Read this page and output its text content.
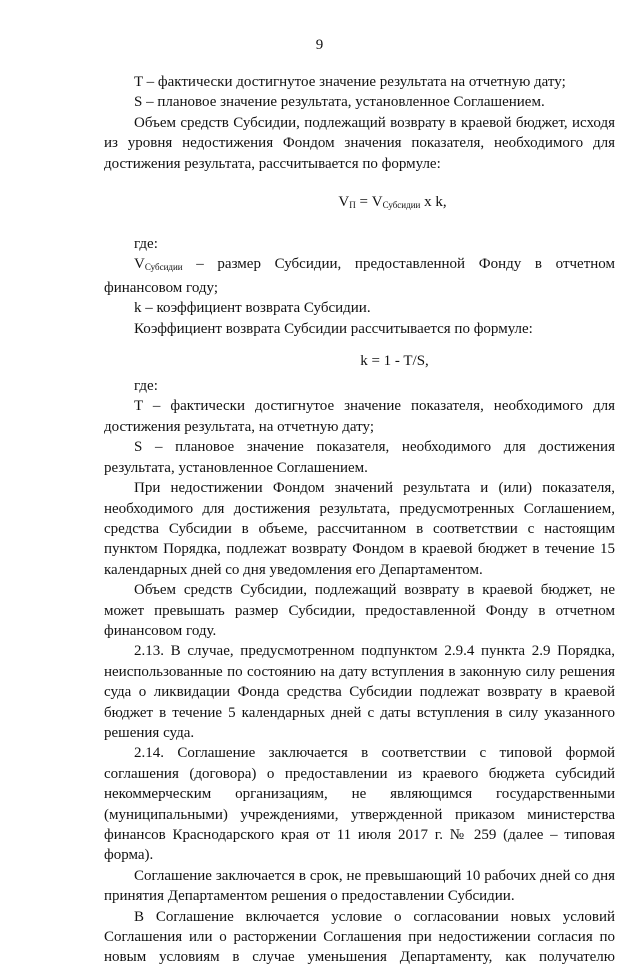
9

T – фактически достигнутое значение результата на отчетную дату;

S – плановое значение результата, установленное Соглашением.

Объем средств Субсидии, подлежащий возврату в краевой бюджет, исходя из уровня недостижения Фондом значения показателя, необходимого для достижения результата, рассчитывается по формуле:

$V_П = V_{Субсидии}$ x k,

где:

$V_{Субсидии}$ – размер Субсидии, предоставленной Фонду в отчетном финансовом году;

k – коэффициент возврата Субсидии.

Коэффициент возврата Субсидии рассчитывается по формуле:

k = 1 - T/S,

где:

T – фактически достигнутое значение показателя, необходимого для достижения результата, на отчетную дату;

S – плановое значение показателя, необходимого для достижения результата, установленное Соглашением.

При недостижении Фондом значений результата и (или) показателя, необходимого для достижения результата, предусмотренных Соглашением, средства Субсидии в объеме, рассчитанном в соответствии с настоящим пунктом Порядка, подлежат возврату Фондом в краевой бюджет в течение 15 календарных дней со дня уведомления его Департаментом.

Объем средств Субсидии, подлежащий возврату в краевой бюджет, не может превышать размер Субсидии, предоставленной Фонду в отчетном финансовом году.

2.13. В случае, предусмотренном подпунктом 2.9.4 пункта 2.9 Порядка, неиспользованные по состоянию на дату вступления в законную силу решения суда о ликвидации Фонда средства Субсидии подлежат возврату в краевой бюджет в течение 5 календарных дней с даты вступления в силу указанного решения суда.

2.14. Соглашение заключается в соответствии с типовой формой соглашения (договора) о предоставлении из краевого бюджета субсидий некоммерческим организациям, не являющимся государственными (муниципальными) учреждениями, утвержденной приказом министерства финансов Краснодарского края от 11 июля 2017 г. № 259 (далее – типовая форма).

Соглашение заключается в срок, не превышающий 10 рабочих дней со дня принятия Департаментом решения о предоставлении Субсидии.

В Соглашение включается условие о согласовании новых условий Соглашения или о расторжении Соглашения при недостижении согласия по новым условиям в случае уменьшения Департаменту, как получателю
